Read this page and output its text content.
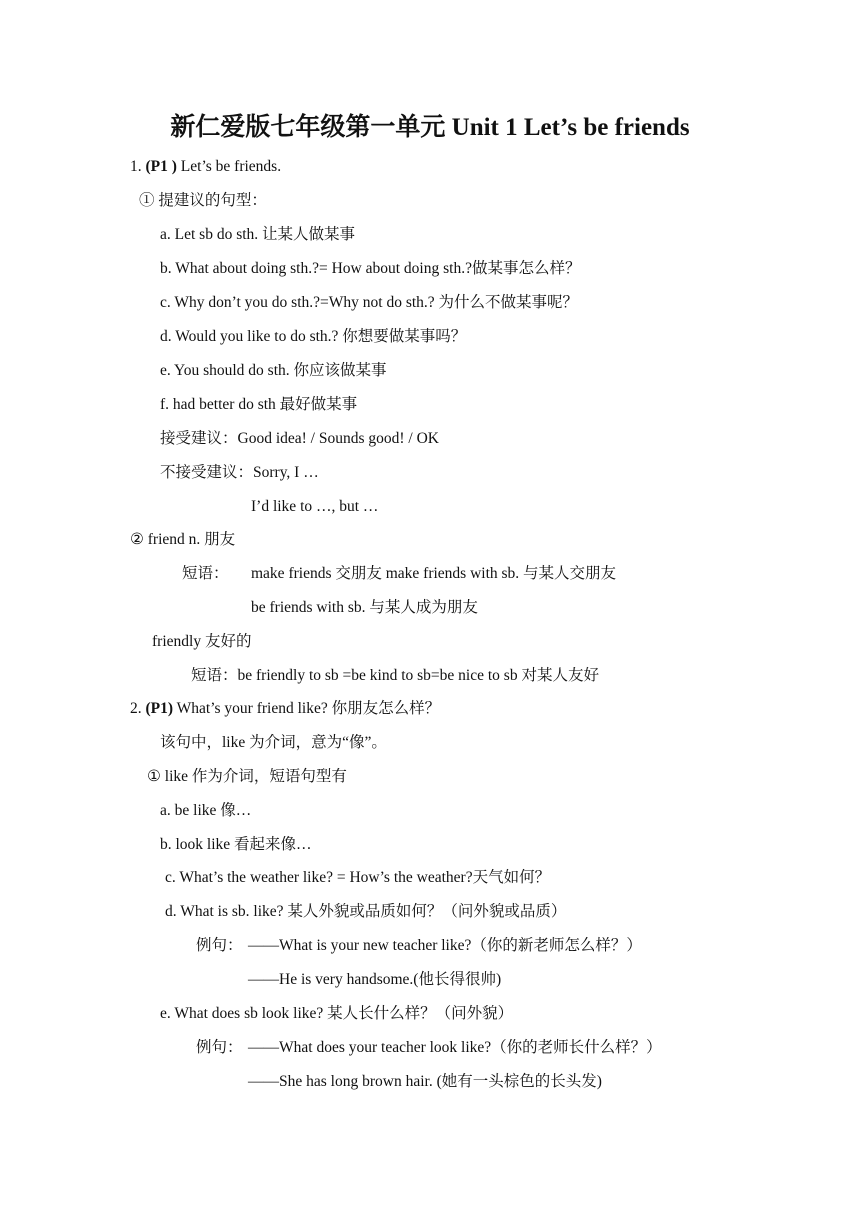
新仁爱版七年级第一单元 Unit 1 Let’s be friends
1. (P1 ) Let’s be friends.
① 提建议的句型：
a. Let sb do sth. 让某人做某事
b. What about doing sth.?= How about doing sth.?做某事怎么样？
c. Why don’t you do sth.?=Why not do sth.? 为什么不做某事呢？
d. Would you like to do sth.? 你想要做某事吗？
e. You should do sth. 你应该做某事
f. had better do sth 最好做某事
接受建议：Good idea! / Sounds good! / OK
不接受建议：Sorry, I …
I’d like to …, but …
② friend n. 朋友
短语： make friends 交朋友 make friends with sb. 与某人交朋友
be friends with sb. 与某人成为朋友
friendly 友好的
短语：be friendly to sb =be kind to sb=be nice to sb 对某人友好
2. (P1) What’s your friend like? 你朋友怎么样？
该句中，like 为介词，意为“像”。
① like 作为介词，短语句型有
a. be like 像…
b. look like 看起来像…
c. What’s the weather like? = How’s the weather?天气如何？
d. What is sb. like? 某人外貌或品质如何？（问外貌或品质）
例句： ——What is your new teacher like?（你的新老师怎么样？）
——He is very handsome.(他长得很帅)
e. What does sb look like? 某人长什么样？（问外貌）
例句： ——What does your teacher look like?（你的老师长什么样？）
——She has long brown hair. (她有一头棕色的长头发)
